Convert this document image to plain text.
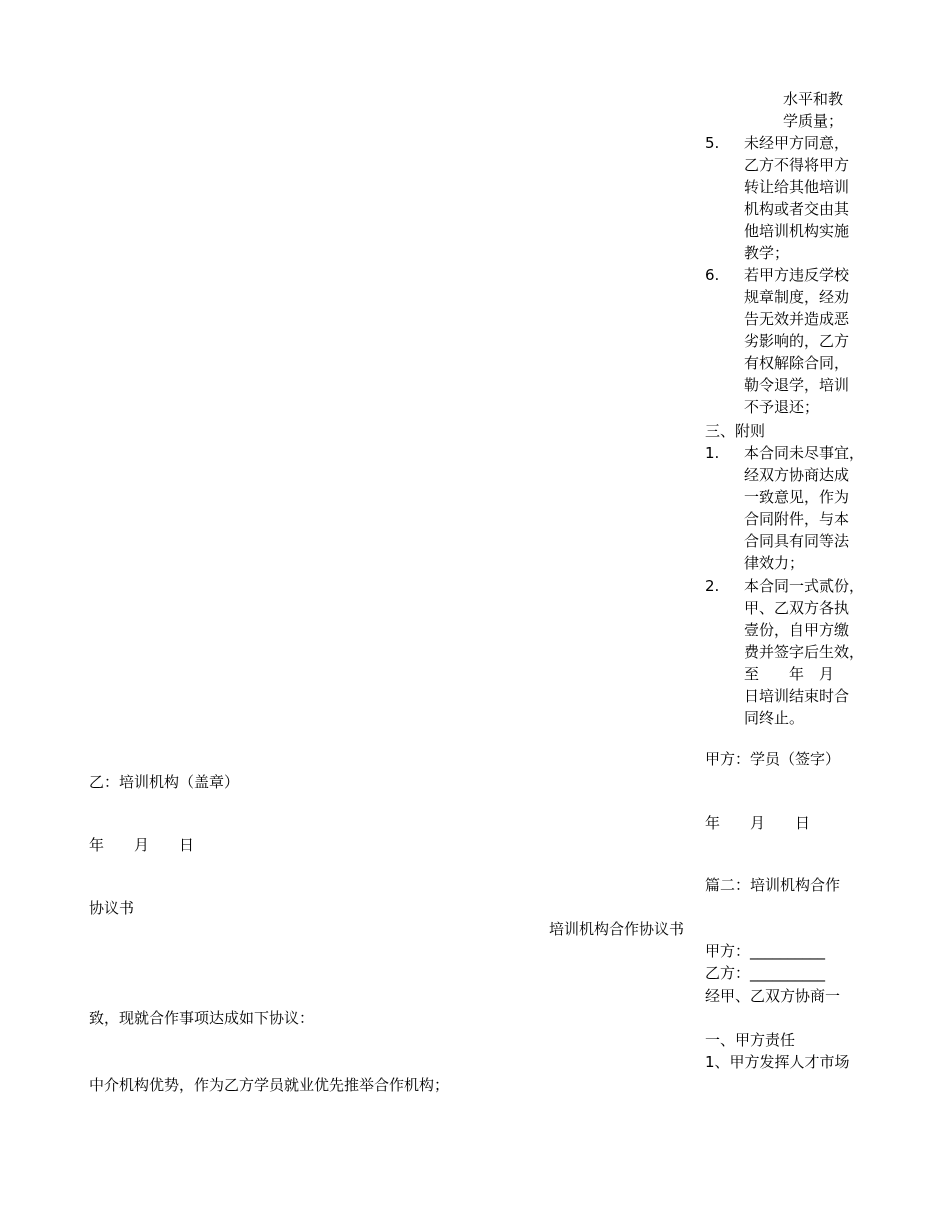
水平和教
学质量；
5. 未经甲方同意，
乙方不得将甲方
转让给其他培训
机构或者交由其
他培训机构实施
教学；
6. 若甲方违反学校
规章制度，经劝
告无效并造成恶
劣影响的，乙方
有权解除合同，
勒令退学，培训
不予退还；
三、附则
1. 本合同未尽事宜，
经双方协商达成
一致意见，作为
合同附件，与本
合同具有同等法
律效力；
2. 本合同一式贰份，
甲、乙双方各执
壹份，自甲方缴
费并签字后生效，
至　　年　月
日培训结束时合
同终止。
甲方：学员（签字）
年　　月　　日
篇二：培训机构合作
甲方：__________
乙方：__________
经甲、乙双方协商一
一、甲方责任
1、甲方发挥人才市场
乙：培训机构（盖章）
年　　月　　日
协议书
培训机构合作协议书
致，现就合作事项达成如下协议：
中介机构优势，作为乙方学员就业优先推举合作机构；
